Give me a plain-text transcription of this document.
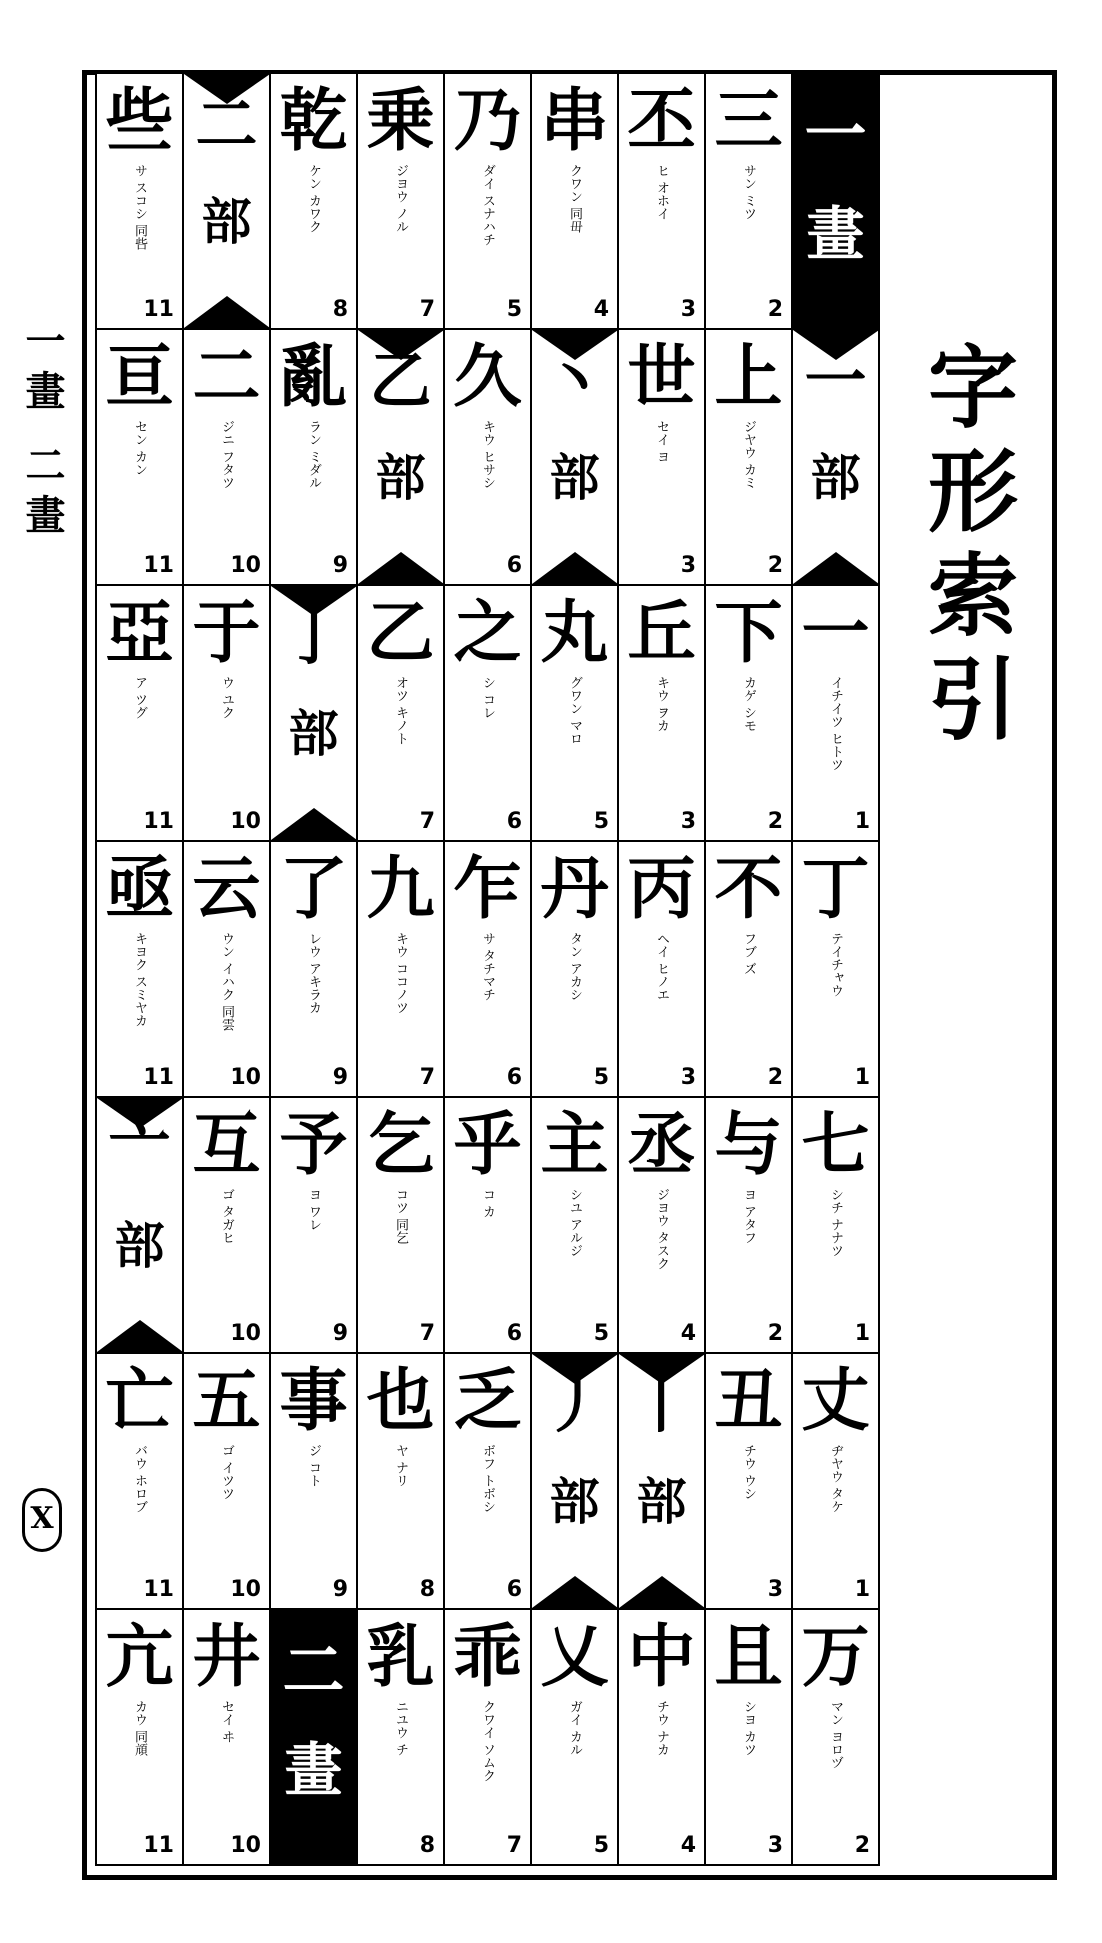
一畫 二畫
X
字形索引
些
サ スコシ 同呰
11
二
部
乾
ケン カワク
8
乗
ジヨウ ノル
7
乃
ダイ スナハチ
5
串
クワン 同毌
4
丕
ヒ オホイ
3
三
サン ミツ
2
一
畫
亘
セン カン
11
二
ジニ フタツ
10
亂
ラン ミダル
9
乙
部
久
キウ ヒサシ
6
丶
部
世
セイ ヨ
3
上
ジヤウ カミ
2
一
部
亞
ア ツグ
11
于
ウ ユク
10
亅
部
乙
オツ キノト
7
之
シ コレ
6
丸
グワン マロ
5
丘
キウ ヲカ
3
下
カゲ シモ
2
一
イチイツ ヒトツ
1
亟
キヨク スミヤカ
11
云
ウン イハク 同雲
10
了
レウ アキラカ
9
九
キウ ココノツ
7
乍
サ タチマチ
6
丹
タン アカシ
5
丙
ヘイ ヒノエ
3
不
フブ ズ
2
丁
テイチャウ
1
亠
部
互
ゴ タガヒ
10
予
ヨ ワレ
9
乞
コツ 同乞
7
乎
コ カ
6
主
シユ アルジ
5
丞
ジヨウ タスク
4
与
ヨ アタフ
2
七
シチ ナナツ
1
亡
バウ ホロブ
11
五
ゴ イツツ
10
事
ジ コト
9
也
ヤ ナリ
8
乏
ボフ トボシ
6
丿
部
丨
部
丑
チウ ウシ
3
丈
ヂヤウ タケ
1
亢
カウ 同頏
11
井
セイ ヰ
10
二
畫
乳
ニユウ チ
8
乖
クワイ ソムク
7
乂
ガイ カル
5
中
チウ ナカ
4
且
シヨ カツ
3
万
マン ヨロヅ
2
